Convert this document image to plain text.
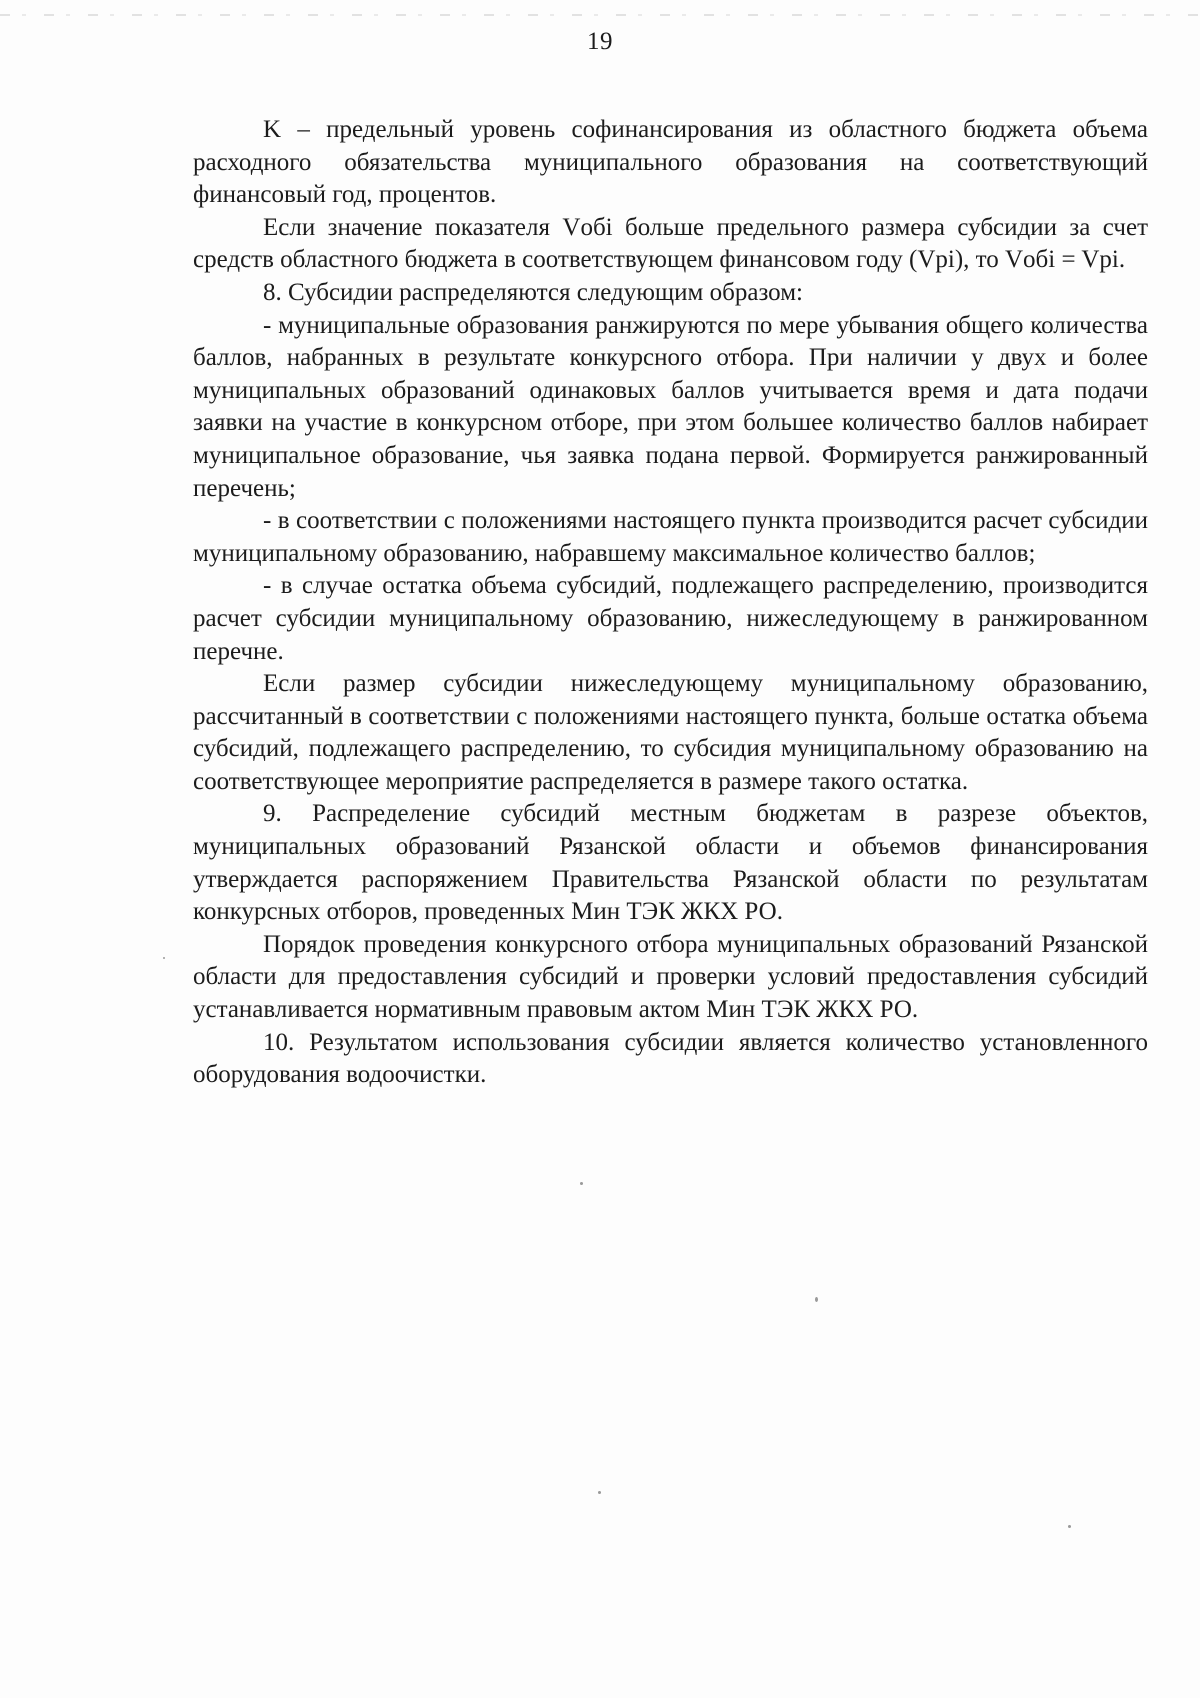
19

K – предельный уровень софинансирования из областного бюджета объема расходного обязательства муниципального образования на соответствующий финансовый год, процентов.

Если значение показателя Vобi больше предельного размера субсидии за счет средств областного бюджета в соответствующем финансовом году (Vpi), то Vобi = Vpi.

8. Субсидии распределяются следующим образом:

- муниципальные образования ранжируются по мере убывания общего количества баллов, набранных в результате конкурсного отбора. При наличии у двух и более муниципальных образований одинаковых баллов учитывается время и дата подачи заявки на участие в конкурсном отборе, при этом большее количество баллов набирает муниципальное образование, чья заявка подана первой. Формируется ранжированный перечень;

- в соответствии с положениями настоящего пункта производится расчет субсидии муниципальному образованию, набравшему максимальное количество баллов;

- в случае остатка объема субсидий, подлежащего распределению, производится расчет субсидии муниципальному образованию, нижеследующему в ранжированном перечне.

Если размер субсидии нижеследующему муниципальному образованию, рассчитанный в соответствии с положениями настоящего пункта, больше остатка объема субсидий, подлежащего распределению, то субсидия муниципальному образованию на соответствующее мероприятие распределяется в размере такого остатка.

9. Распределение субсидий местным бюджетам в разрезе объектов, муниципальных образований Рязанской области и объемов финансирования утверждается распоряжением Правительства Рязанской области по результатам конкурсных отборов, проведенных Мин ТЭК ЖКХ РО.

Порядок проведения конкурсного отбора муниципальных образований Рязанской области для предоставления субсидий и проверки условий предоставления субсидий устанавливается нормативным правовым актом Мин ТЭК ЖКХ РО.

10. Результатом использования субсидии является количество установленного оборудования водоочистки.
